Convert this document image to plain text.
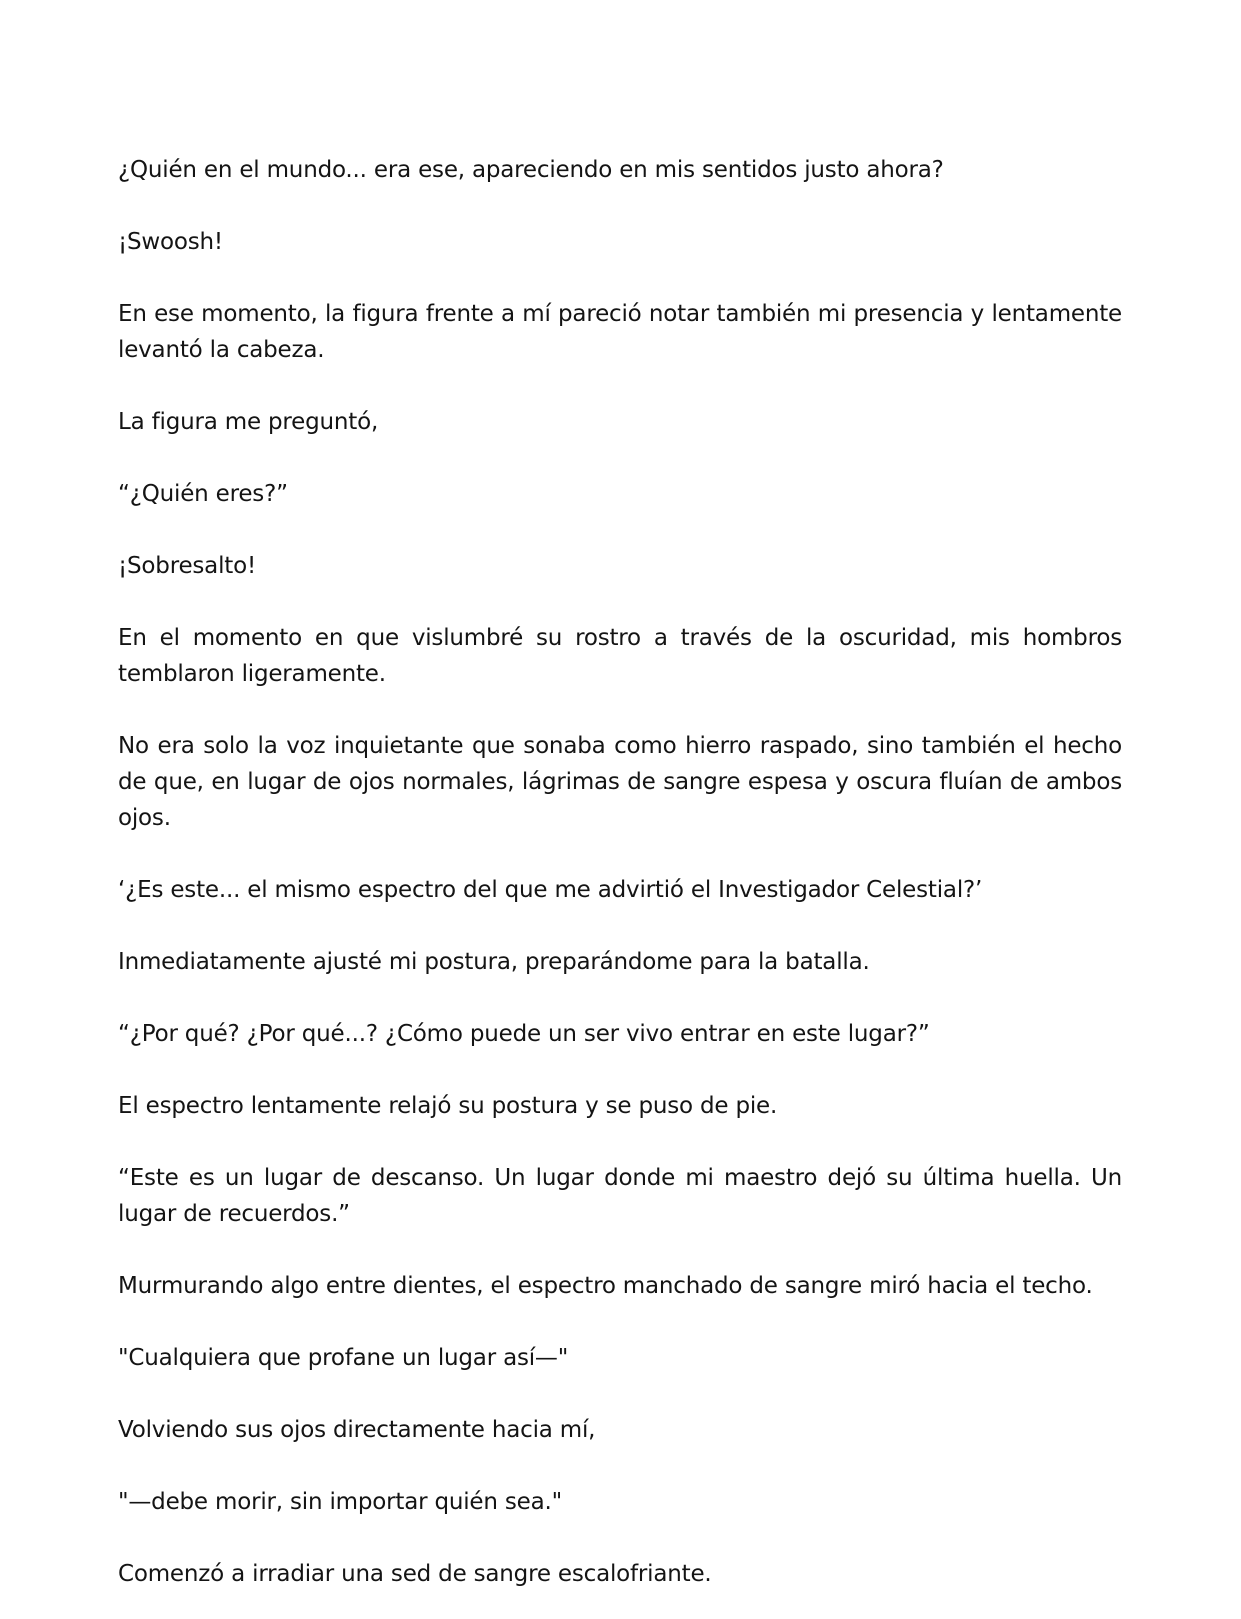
¿Quién en el mundo... era ese, apareciendo en mis sentidos justo ahora?

¡Swoosh!

En ese momento, la figura frente a mí pareció notar también mi presencia y lentamente levantó la cabeza.

La figura me preguntó,

“¿Quién eres?”

¡Sobresalto!

En el momento en que vislumbré su rostro a través de la oscuridad, mis hombros temblaron ligeramente.

No era solo la voz inquietante que sonaba como hierro raspado, sino también el hecho de que, en lugar de ojos normales, lágrimas de sangre espesa y oscura fluían de ambos ojos.

‘¿Es este... el mismo espectro del que me advirtió el Investigador Celestial?’

Inmediatamente ajusté mi postura, preparándome para la batalla.

“¿Por qué? ¿Por qué...? ¿Cómo puede un ser vivo entrar en este lugar?”

El espectro lentamente relajó su postura y se puso de pie.

“Este es un lugar de descanso. Un lugar donde mi maestro dejó su última huella. Un lugar de recuerdos.”

Murmurando algo entre dientes, el espectro manchado de sangre miró hacia el techo.

"Cualquiera que profane un lugar así—"

Volviendo sus ojos directamente hacia mí,

"—debe morir, sin importar quién sea."

Comenzó a irradiar una sed de sangre escalofriante.
